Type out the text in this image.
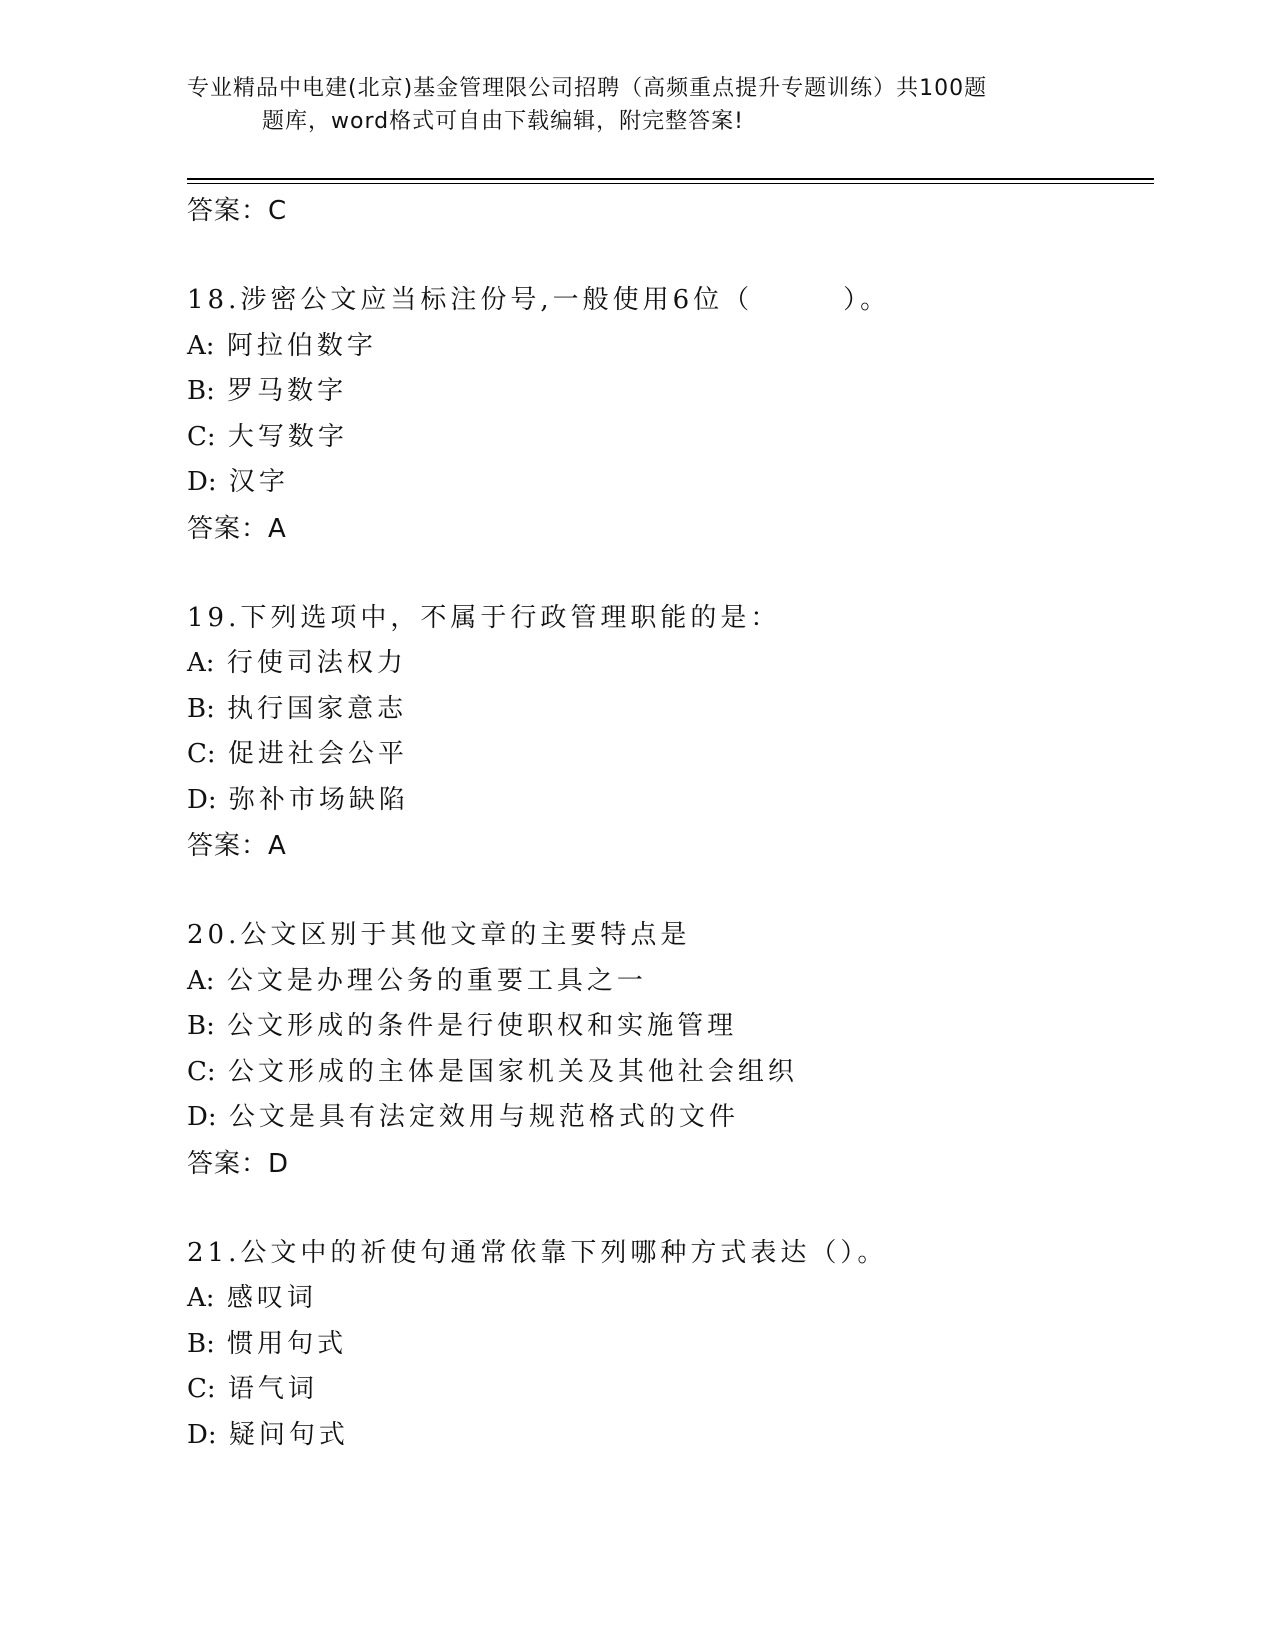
专业精品中电建(北京)基金管理限公司招聘（高频重点提升专题训练）共100题
题库，word格式可自由下载编辑，附完整答案!
答案：C
18.涉密公文应当标注份号,一般使用6位（　　　）。
A: 阿拉伯数字
B: 罗马数字
C: 大写数字
D: 汉字
答案：A
19.下列选项中，不属于行政管理职能的是：
A: 行使司法权力
B: 执行国家意志
C: 促进社会公平
D: 弥补市场缺陷
答案：A
20.公文区别于其他文章的主要特点是
A: 公文是办理公务的重要工具之一
B: 公文形成的条件是行使职权和实施管理
C: 公文形成的主体是国家机关及其他社会组织
D: 公文是具有法定效用与规范格式的文件
答案：D
21.公文中的祈使句通常依靠下列哪种方式表达（）。
A: 感叹词
B: 惯用句式
C: 语气词
D: 疑问句式
